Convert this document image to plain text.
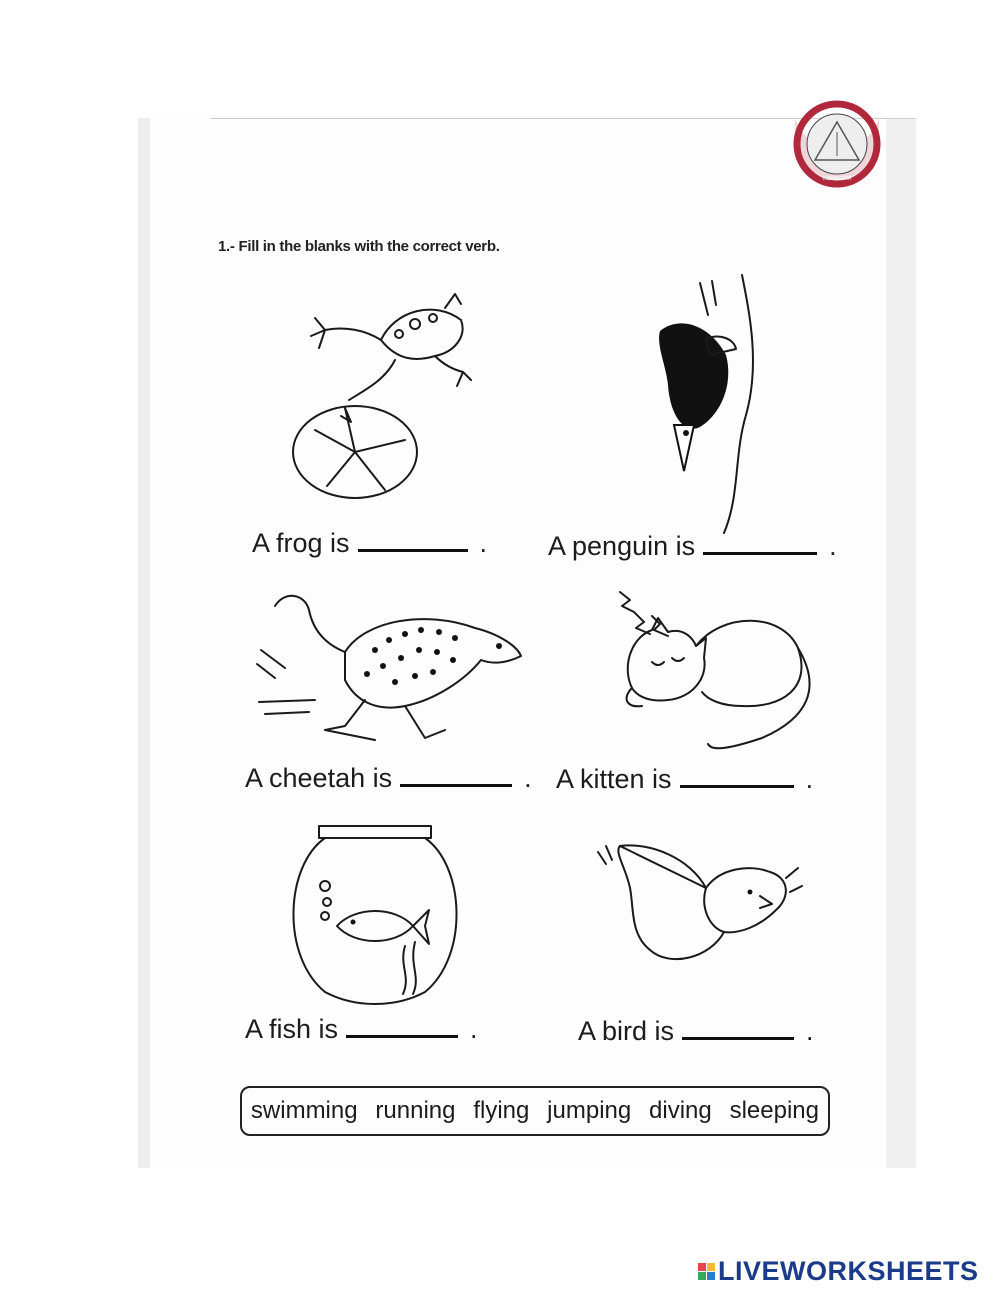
COMPARTIR
1.- Fill in the blanks with the correct verb.
A frog is	. A penguin is	.
A cheetah is	. A kitten is	.
A fish is	.	A bird is	.
swimming running flying jumping diving sleeping
LIVEWORKSHEETS
